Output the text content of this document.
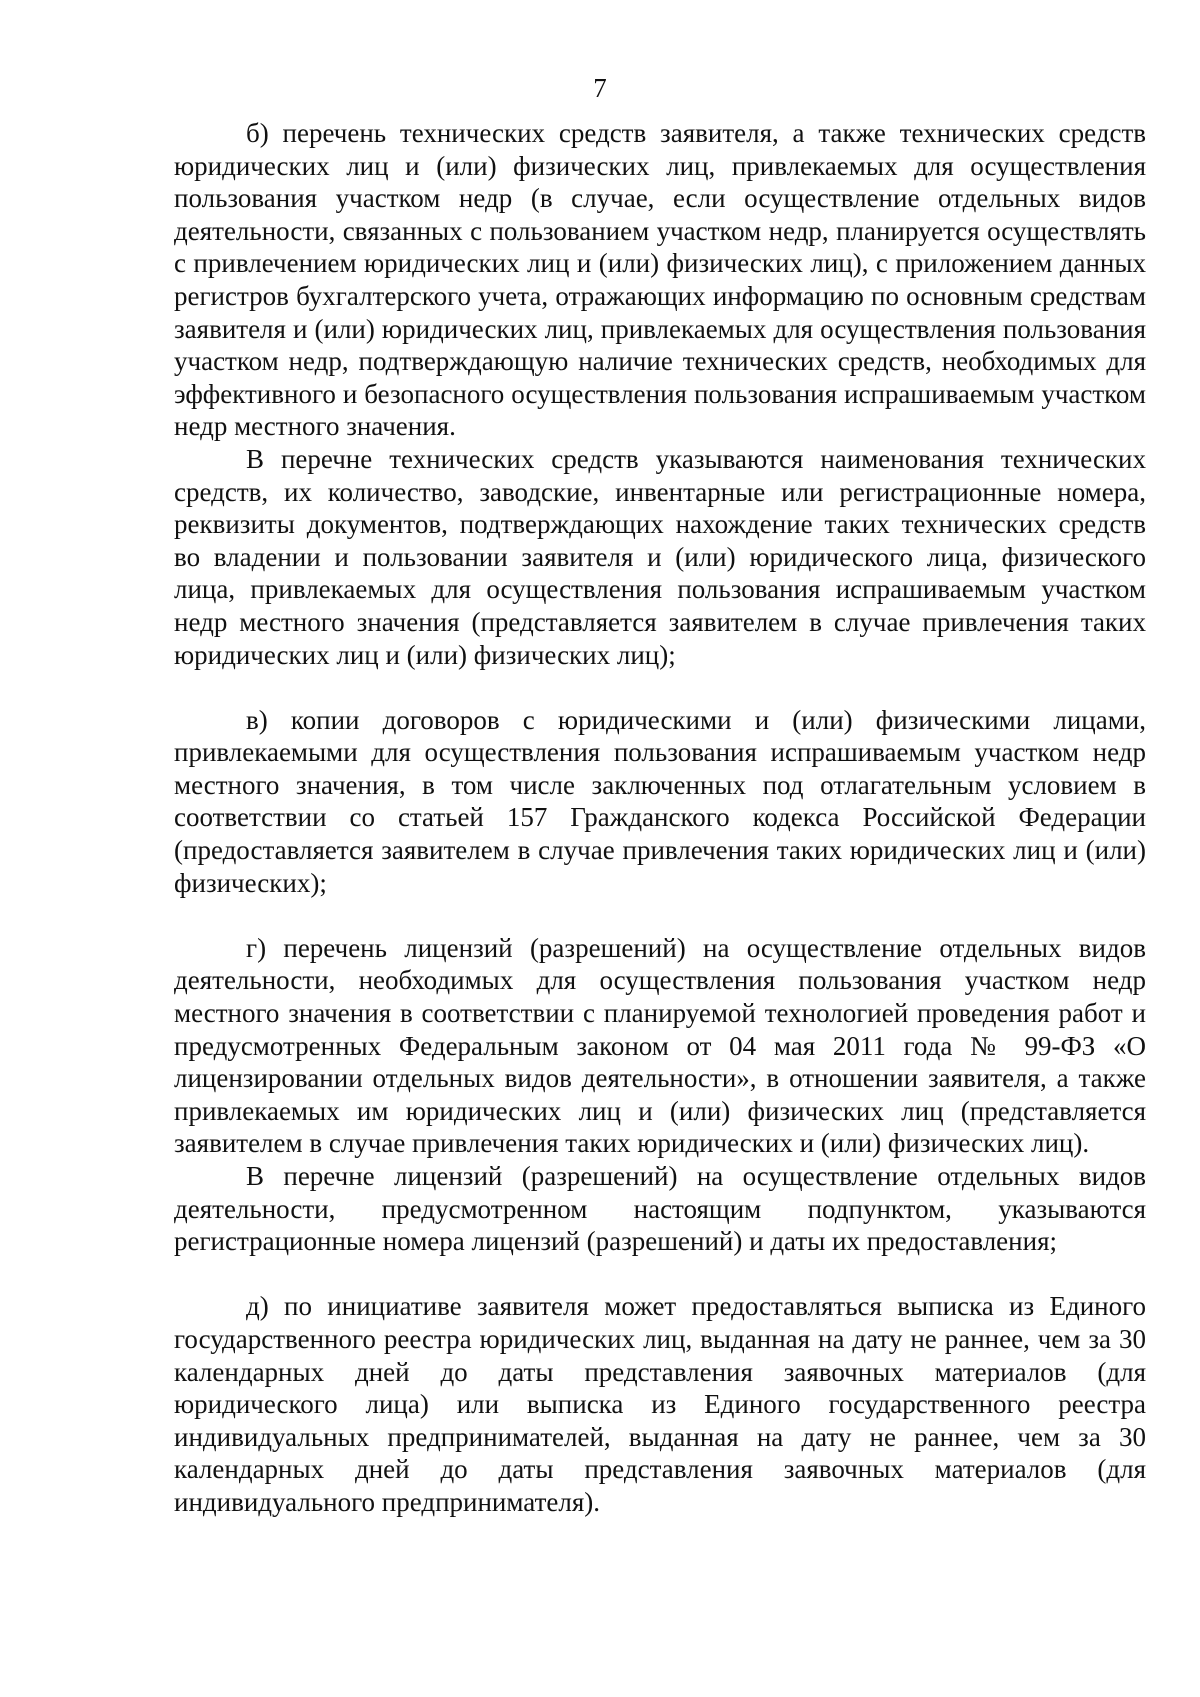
7

б) перечень технических средств заявителя, а также технических средств юридических лиц и (или) физических лиц, привлекаемых для осуществления пользования участком недр (в случае, если осуществление отдельных видов деятельности, связанных с пользованием участком недр, планируется осуществлять с привлечением юридических лиц и (или) физических лиц), с приложением данных регистров бухгалтерского учета, отражающих информацию по основным средствам заявителя и (или) юридических лиц, привлекаемых для осуществления пользования участком недр, подтверждающую наличие технических средств, необходимых для эффективного и безопасного осуществления пользования испрашиваемым участком недр местного значения.

В перечне технических средств указываются наименования технических средств, их количество, заводские, инвентарные или регистрационные номера, реквизиты документов, подтверждающих нахождение таких технических средств во владении и пользовании заявителя и (или) юридического лица, физического лица, привлекаемых для осуществления пользования испрашиваемым участком недр местного значения (представляется заявителем в случае привлечения таких юридических лиц и (или) физических лиц);

в) копии договоров с юридическими и (или) физическими лицами, привлекаемыми для осуществления пользования испрашиваемым участком недр местного значения, в том числе заключенных под отлагательным условием в соответствии со статьей 157 Гражданского кодекса Российской Федерации (предоставляется заявителем в случае привлечения таких юридических лиц и (или) физических);

г) перечень лицензий (разрешений) на осуществление отдельных видов деятельности, необходимых для осуществления пользования участком недр местного значения в соответствии с планируемой технологией проведения работ и предусмотренных Федеральным законом от 04 мая 2011 года № 99-ФЗ «О лицензировании отдельных видов деятельности», в отношении заявителя, а также привлекаемых им юридических лиц и (или) физических лиц (представляется заявителем в случае привлечения таких юридических и (или) физических лиц).

В перечне лицензий (разрешений) на осуществление отдельных видов деятельности, предусмотренном настоящим подпунктом, указываются регистрационные номера лицензий (разрешений) и даты их предоставления;

д) по инициативе заявителя может предоставляться выписка из Единого государственного реестра юридических лиц, выданная на дату не раннее, чем за 30 календарных дней до даты представления заявочных материалов (для юридического лица) или выписка из Единого государственного реестра индивидуальных предпринимателей, выданная на дату не раннее, чем за 30 календарных дней до даты представления заявочных материалов (для индивидуального предпринимателя).
